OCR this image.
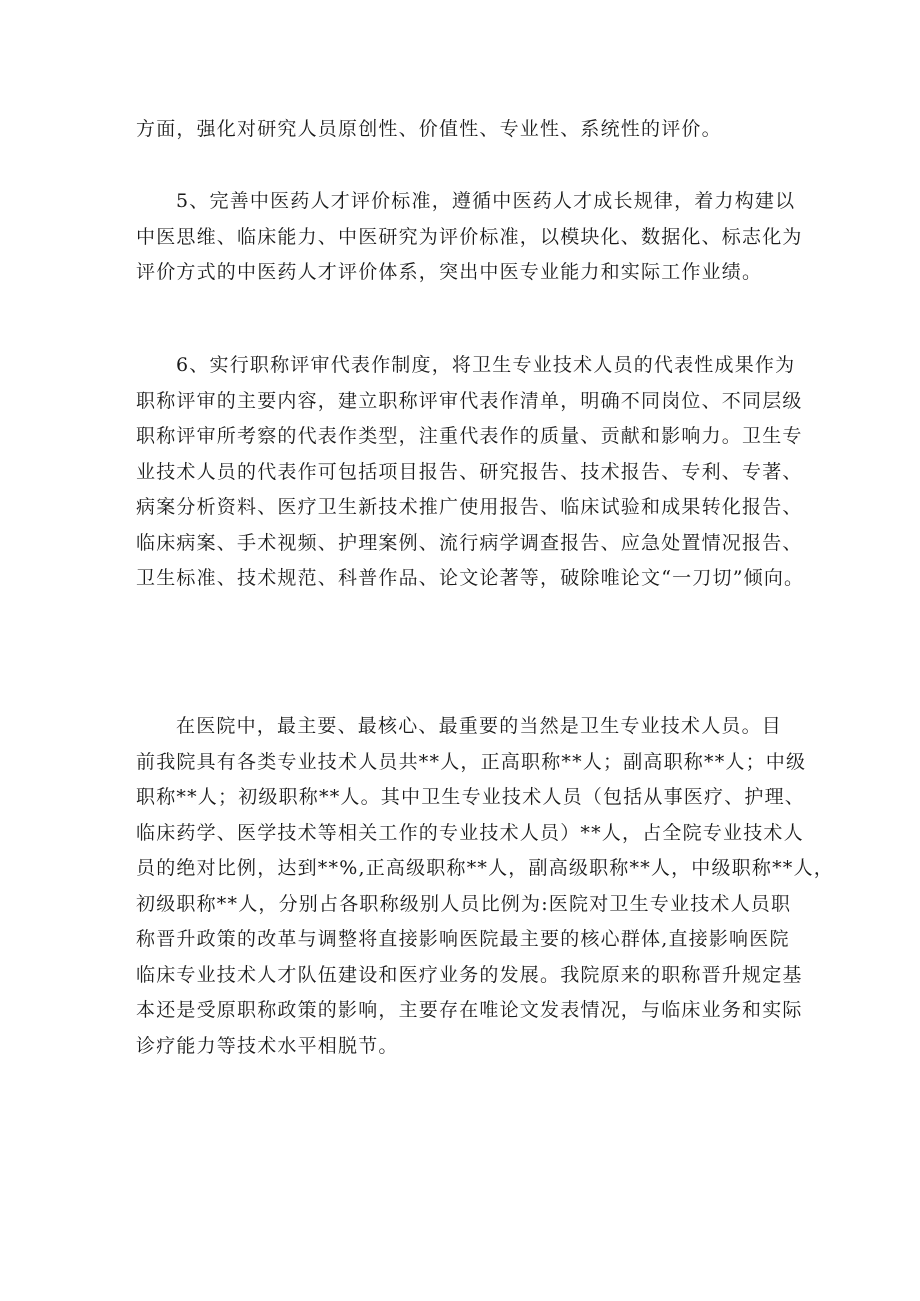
方面，强化对研究人员原创性、价值性、专业性、系统性的评价。
5、完善中医药人才评价标准，遵循中医药人才成长规律，着力构建以
中医思维、临床能力、中医研究为评价标准，以模块化、数据化、标志化为
评价方式的中医药人才评价体系，突出中医专业能力和实际工作业绩。
6、实行职称评审代表作制度，将卫生专业技术人员的代表性成果作为
职称评审的主要内容，建立职称评审代表作清单，明确不同岗位、不同层级
职称评审所考察的代表作类型，注重代表作的质量、贡献和影响力。卫生专
业技术人员的代表作可包括项目报告、研究报告、技术报告、专利、专著、
病案分析资料、医疗卫生新技术推广使用报告、临床试验和成果转化报告、
临床病案、手术视频、护理案例、流行病学调查报告、应急处置情况报告、
卫生标准、技术规范、科普作品、论文论著等，破除唯论文“一刀切”倾向。
在医院中，最主要、最核心、最重要的当然是卫生专业技术人员。目
前我院具有各类专业技术人员共**人，正高职称**人；副高职称**人；中级
职称**人；初级职称**人。其中卫生专业技术人员（包括从事医疗、护理、
临床药学、医学技术等相关工作的专业技术人员）**人，占全院专业技术人
员的绝对比例，达到**%,正高级职称**人，副高级职称**人，中级职称**人，
初级职称**人，分别占各职称级别人员比例为:医院对卫生专业技术人员职
称晋升政策的改革与调整将直接影响医院最主要的核心群体,直接影响医院
临床专业技术人才队伍建设和医疗业务的发展。我院原来的职称晋升规定基
本还是受原职称政策的影响，主要存在唯论文发表情况，与临床业务和实际
诊疗能力等技术水平相脱节。
